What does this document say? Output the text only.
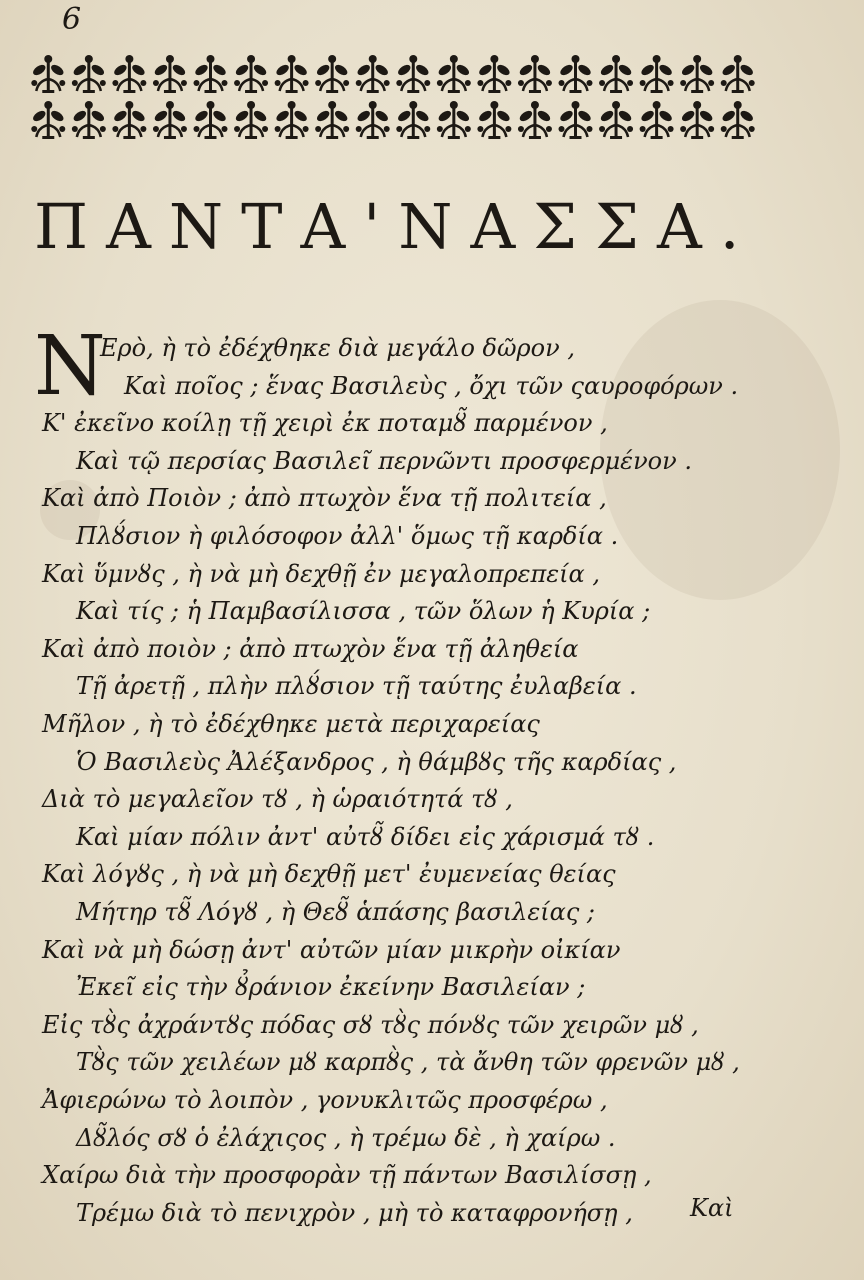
6
ΠΑΝΤΑ'ΝΑΣΣΑ.
N
Ερὸ, ὴ τὸ ἐδέχθηκε διὰ μεγάλο δῶρον ,
Καὶ ποῖος ; ἕνας Βασιλεὺς , ὄχι τῶν ςαυροφόρων .
Κ' ἐκεῖνο κοίλῃ τῇ χειρὶ ἐκ ποταμȣ̃ παρμένον ,
Καὶ τῷ περσίας Βασιλεῖ περνῶντι προσφερμένον .
Καὶ ἀπὸ Ποιὸν ; ἀπὸ πτωχὸν ἕνα τῇ πολιτεία ,
Πλȣ́σιον ὴ φιλόσοφον ἀλλ' ὅμως τῇ καρδία .
Καὶ ὕμνȣς , ὴ νὰ μὴ δεχθῇ ἐν μεγαλοπρεπεία ,
Καὶ τίς ; ἡ Παμβασίλισσα , τῶν ὅλων ἡ Κυρία ;
Καὶ ἀπὸ ποιὸν ; ἀπὸ πτωχὸν ἕνα τῇ ἀληθεία
Τῇ ἀρετῇ , πλὴν πλȣ́σιον τῇ ταύτης ἐυλαβεία .
Μῆλον , ὴ τὸ ἐδέχθηκε μετὰ περιχαρείας
Ὁ Βασιλεὺς Ἀλέξανδρος , ὴ θάμβȣς τῆς καρδίας ,
Διὰ τὸ μεγαλεῖον τȣ , ὴ ὡραιότητά τȣ ,
Καὶ μίαν πόλιν ἀντ' αὐτȣ̃ δίδει εἰς χάρισμά τȣ .
Καὶ λόγȣς , ὴ νὰ μὴ δεχθῇ μετ' ἐυμενείας θείας
Μήτηρ τȣ̃ Λόγȣ , ὴ Θεȣ̃ ἁπάσης βασιλείας ;
Καὶ νὰ μὴ δώσῃ ἀντ' αὐτῶν μίαν μικρὴν οἰκίαν
Ἐκεῖ εἰς τὴν ȣ̉ράνιον ἐκείνην Βασιλείαν ;
Εἰς τȣ̀ς ἀχράντȣς πόδας σȣ τȣ̀ς πόνȣς τῶν χειρῶν μȣ ,
Τȣ̀ς τῶν χειλέων μȣ καρπȣ̀ς , τὰ ἄνθη τῶν φρενῶν μȣ ,
Ἀφιερώνω τὸ λοιπὸν , γονυκλιτῶς προσφέρω ,
Δȣ̃λός σȣ ὁ ἐλάχιςος , ὴ τρέμω δὲ , ὴ χαίρω .
Χαίρω διὰ τὴν προσφορὰν τῇ πάντων Βασιλίσσῃ ,
Τρέμω διὰ τὸ πενιχρὸν , μὴ τὸ καταφρονήσῃ , Καὶ
